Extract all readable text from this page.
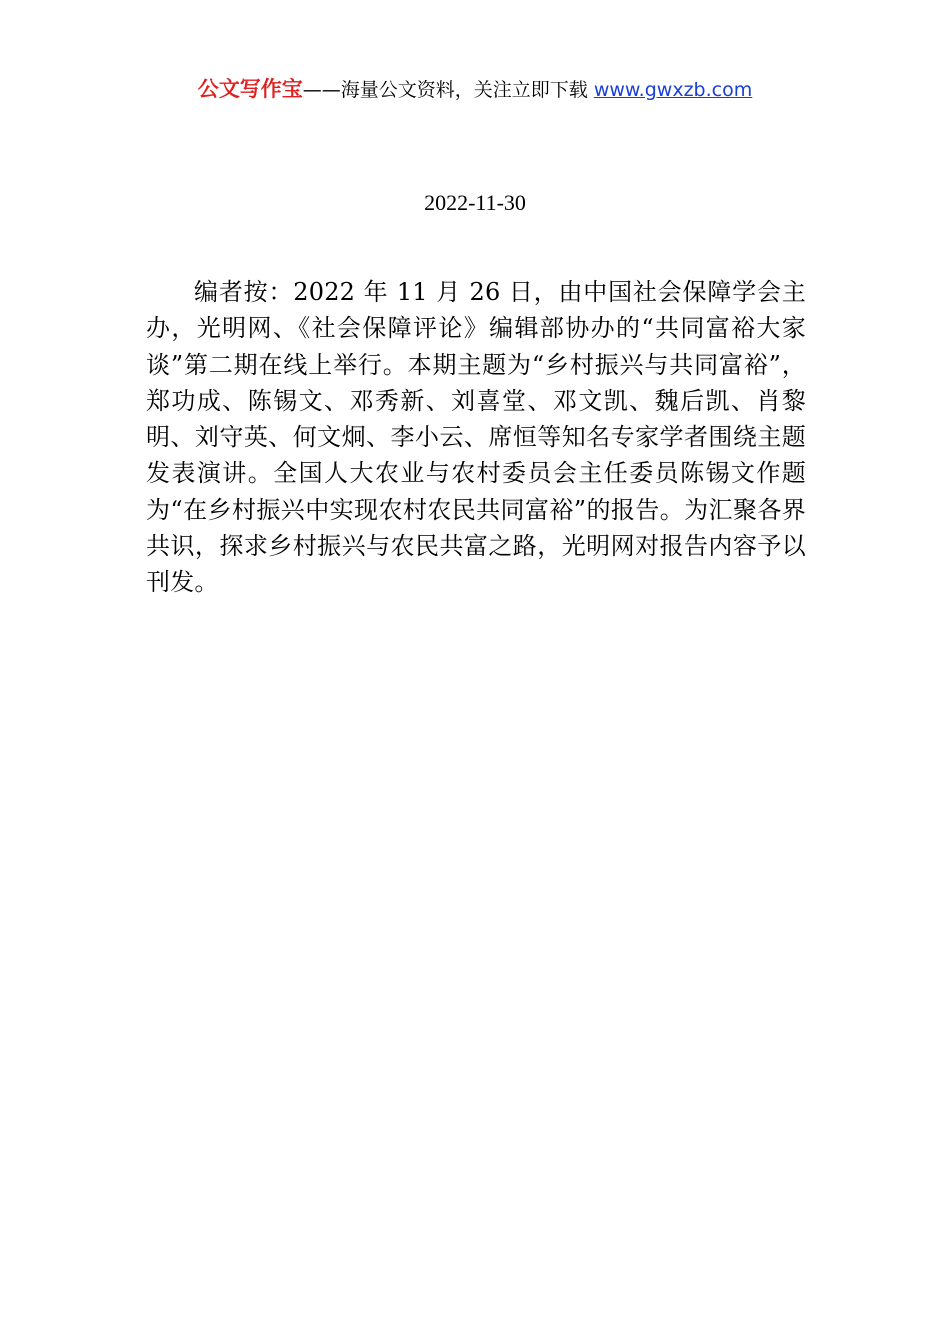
公文写作宝——海量公文资料，关注立即下载 www.gwxzb.com
2022-11-30

编者按：2022 年 11 月 26 日，由中国社会保障学会主办，光明网、《社会保障评论》编辑部协办的“共同富裕大家谈”第二期在线上举行。本期主题为“乡村振兴与共同富裕”，郑功成、陈锡文、邓秀新、刘喜堂、邓文凯、魏后凯、肖黎明、刘守英、何文炯、李小云、席恒等知名专家学者围绕主题发表演讲。全国人大农业与农村委员会主任委员陈锡文作题为“在乡村振兴中实现农村农民共同富裕”的报告。为汇聚各界共识，探求乡村振兴与农民共富之路，光明网对报告内容予以刊发。
